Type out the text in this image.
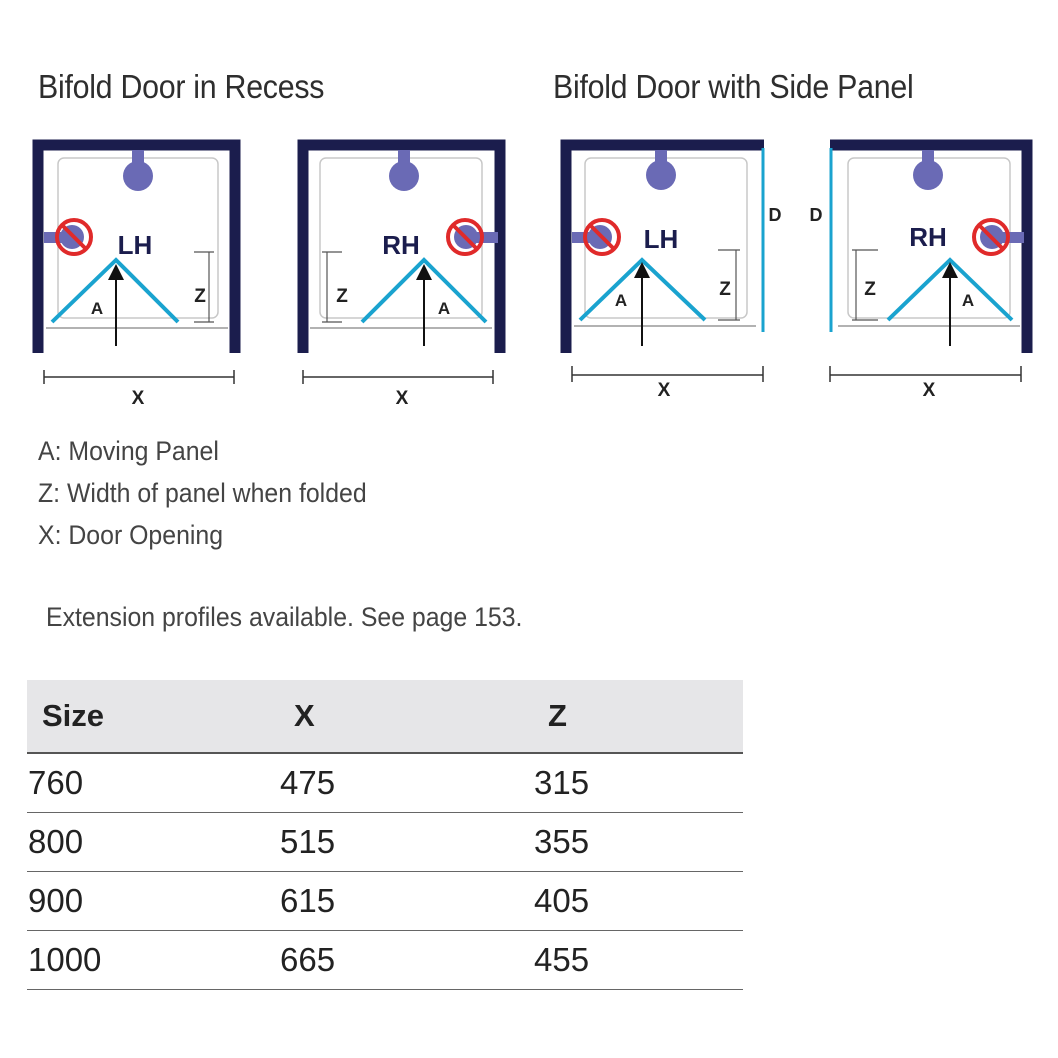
Bifold Door in Recess	Bifold Door with Side Panel
LH
A
Z
X
RH
A
Z
X
LH
A
Z
D
X
RH
A
Z
D
X
A: Moving Panel
Z: Width of panel when folded
X: Door Opening
Extension profiles available. See page 153.
Size	X	Z
760	475	315
800	515	355
900	615	405
1000	665	455
